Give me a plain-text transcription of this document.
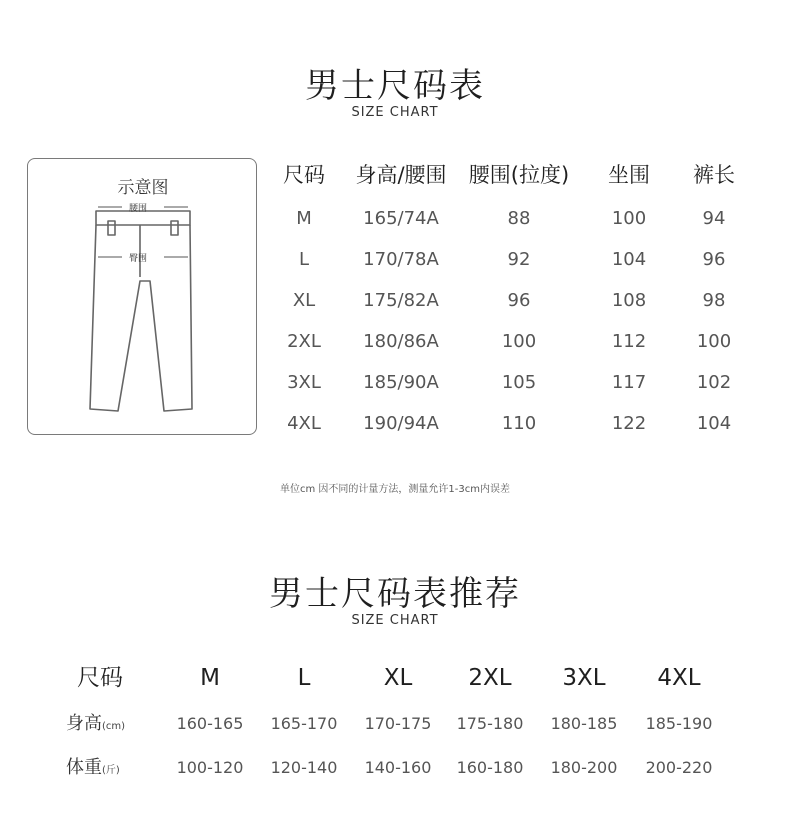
男士尺码表
SIZE CHART
示意图
腰围
臀围
尺码	身高/腰围	腰围(拉度)	坐围	裤长
M	165/74A	88	100	94
L	170/78A	92	104	96
XL	175/82A	96	108	98
2XL	180/86A	100	112	100
3XL	185/90A	105	117	102
4XL	190/94A	110	122	104
单位cm 因不同的计量方法，测量允许1-3cm内误差
男士尺码表推荐
SIZE CHART
尺码	M	L	XL	2XL	3XL	4XL
身高(cm)	160-165	165-170	170-175	175-180	180-185	185-190
体重(斤)	100-120	120-140	140-160	160-180	180-200	200-220
